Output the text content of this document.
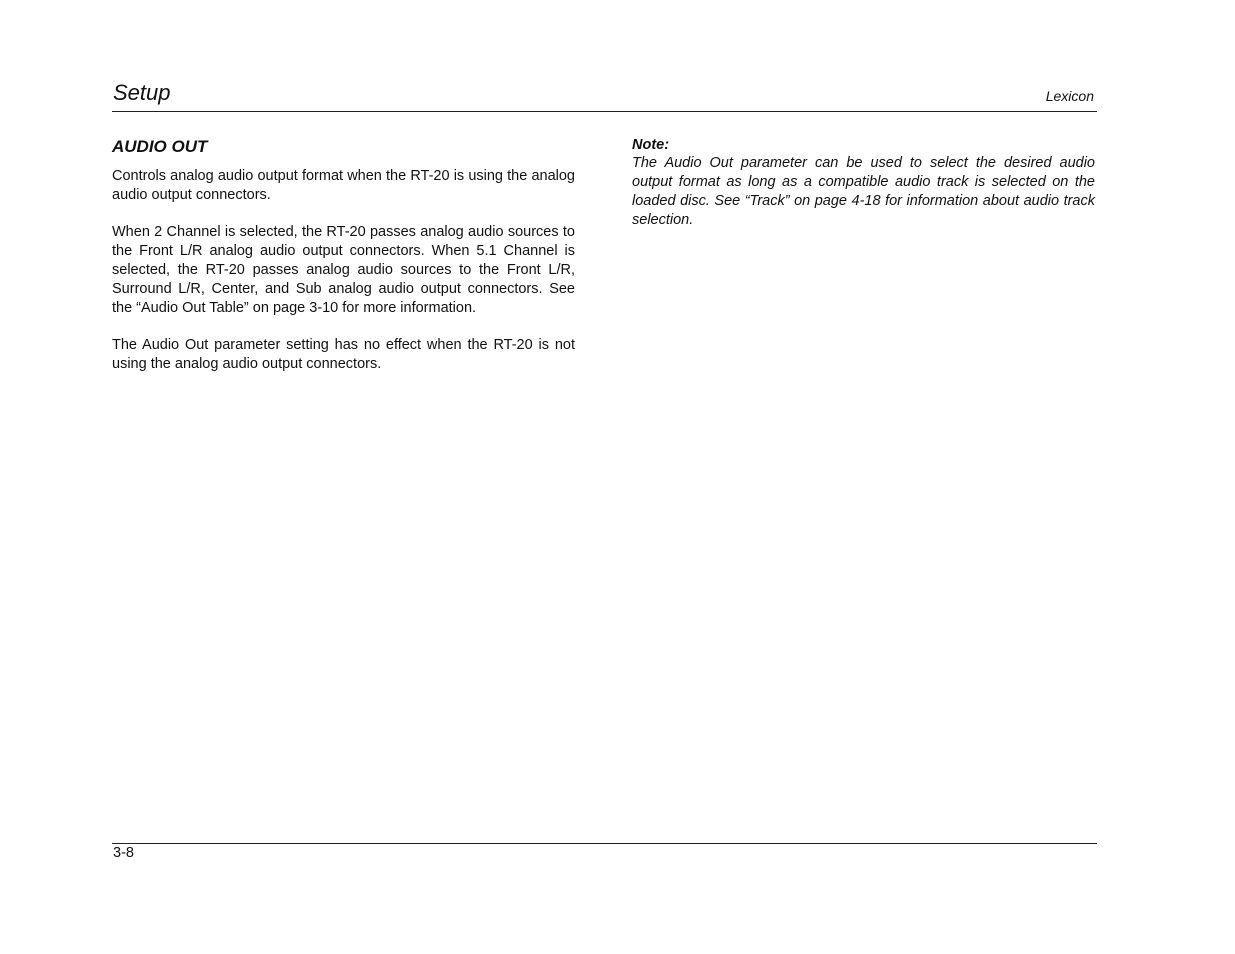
Setup	Lexicon
AUDIO OUT

Controls analog audio output format when the RT-20 is using the analog audio output connectors.

When 2 Channel is selected, the RT-20 passes analog audio sources to the Front L/R analog audio output connectors. When 5.1 Channel is selected, the RT-20 passes analog audio sources to the Front L/R, Surround L/R, Center, and Sub analog audio output connectors. See the “Audio Out Table” on page 3-10 for more information.

The Audio Out parameter setting has no effect when the RT-20 is not using the analog audio output connectors.

Note:

The Audio Out parameter can be used to select the desired audio output format as long as a compatible audio track is selected on the loaded disc. See “Track” on page 4-18 for information about audio track selection.

3-8
